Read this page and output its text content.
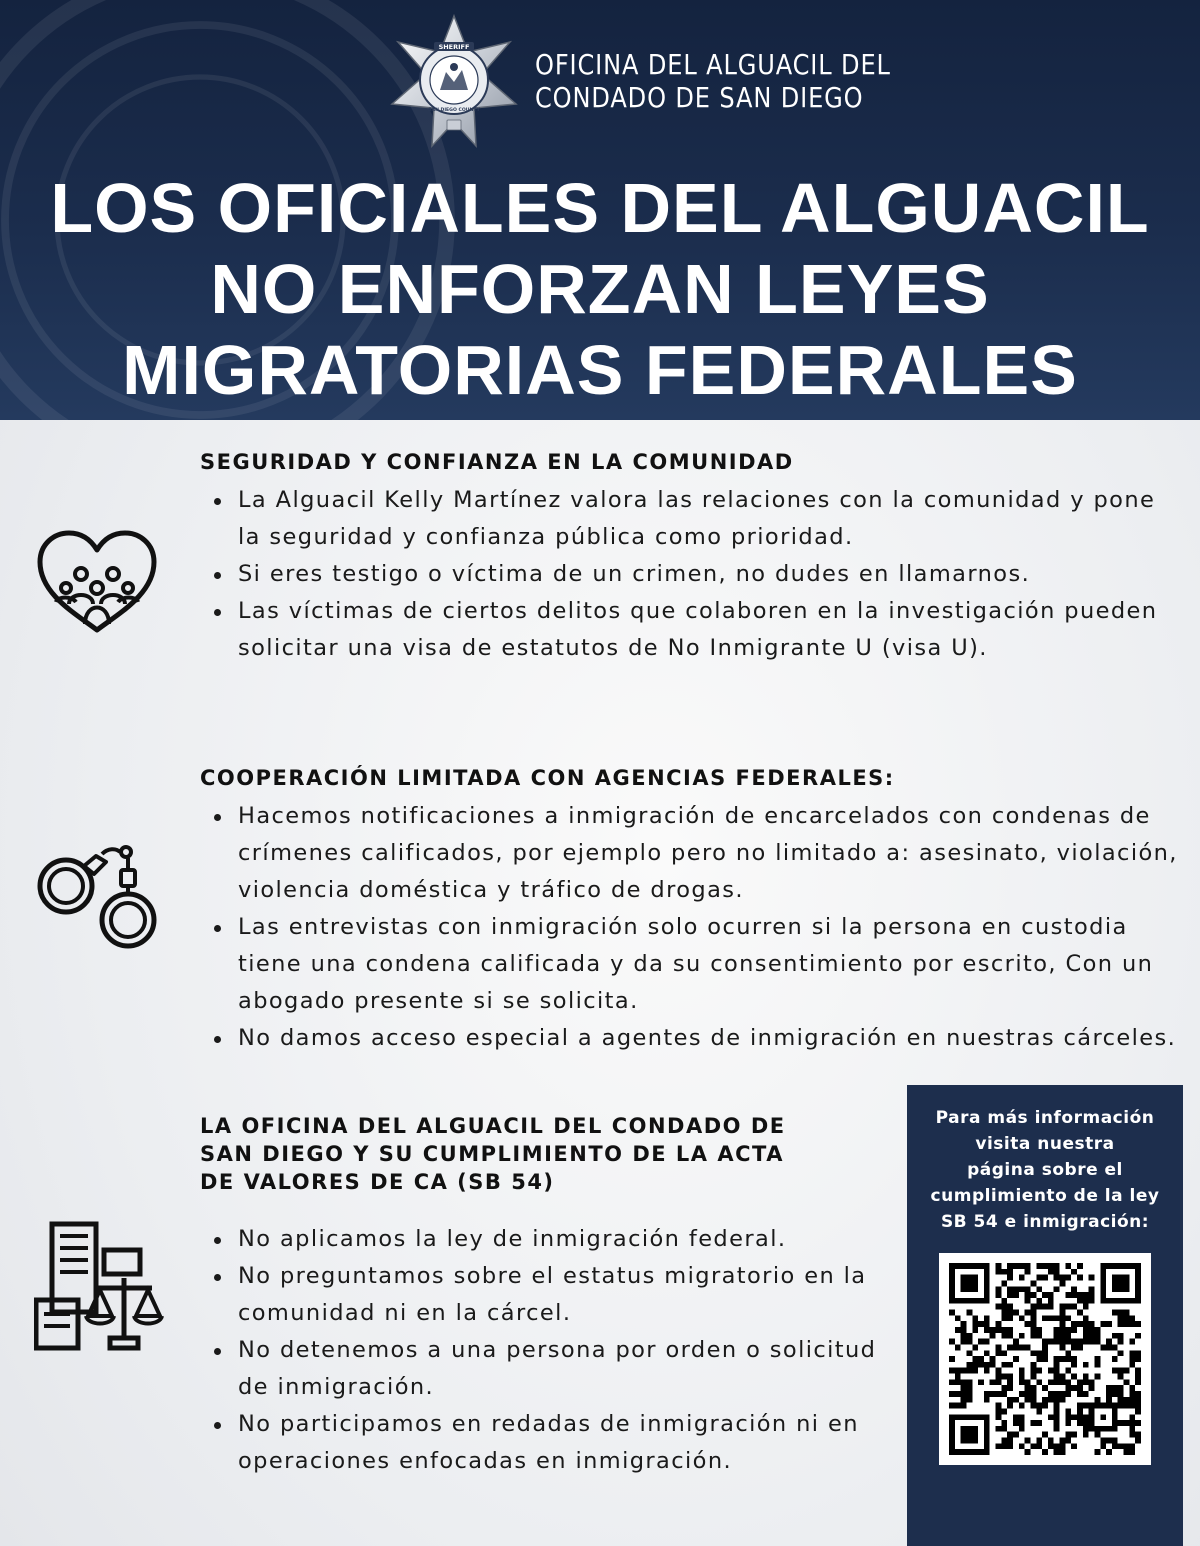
SHERIFF
SAN DIEGO COUNTY
OFICINA DEL ALGUACIL DEL
CONDADO DE SAN DIEGO
LOS OFICIALES DEL ALGUACIL
NO ENFORZAN LEYES
MIGRATORIAS FEDERALES
SEGURIDAD Y CONFIANZA EN LA COMUNIDAD
La Alguacil Kelly Martínez valora las relaciones con la comunidad y pone la seguridad y confianza pública como prioridad.
Si eres testigo o víctima de un crimen, no dudes en llamarnos.
Las víctimas de ciertos delitos que colaboren en la investigación pueden solicitar una visa de estatutos de No Inmigrante U (visa U).
COOPERACIÓN LIMITADA CON AGENCIAS FEDERALES:
Hacemos notificaciones a inmigración de encarcelados con condenas de crímenes calificados, por ejemplo pero no limitado a: asesinato, violación, violencia doméstica y tráfico de drogas.
Las entrevistas con inmigración solo ocurren si la persona en custodia tiene una condena calificada y da su consentimiento por escrito, Con un abogado presente si se solicita.
No damos acceso especial a agentes de inmigración en nuestras cárceles.
LA OFICINA DEL ALGUACIL DEL CONDADO DE
SAN DIEGO Y SU CUMPLIMIENTO DE LA ACTA
DE VALORES DE CA (SB 54)
No aplicamos la ley de inmigración federal.
No preguntamos sobre el estatus migratorio en la comunidad ni en la cárcel.
No detenemos a una persona por orden o solicitud de inmigración.
No participamos en redadas de inmigración ni en operaciones enfocadas en inmigración.
Para más información
visita nuestra
página sobre el
cumplimiento de la ley
SB 54 e inmigración:
